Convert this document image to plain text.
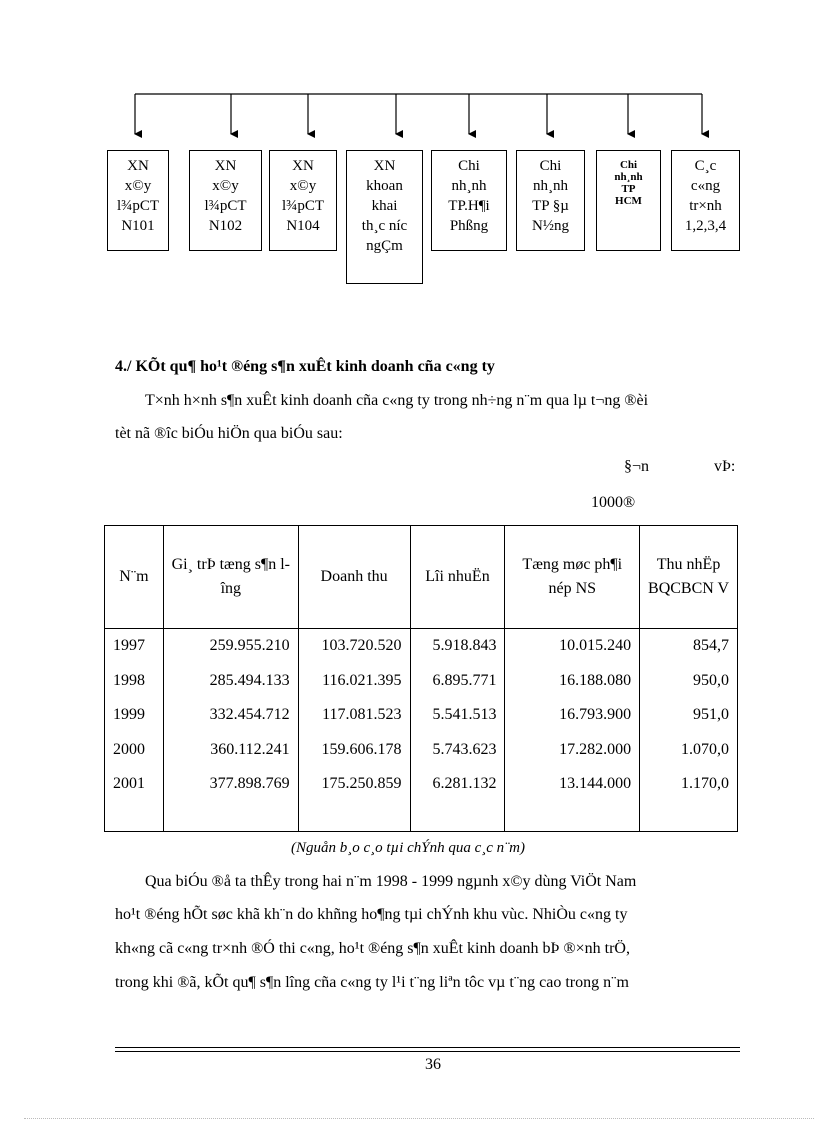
XN
x©y
l¾pCT
N101
XN
x©y
l¾pCT
N102
XN
x©y
l¾pCT
N104
XN
khoan
khai
th¸c níc
ngÇm
Chi
nh¸nh
TP.H¶i
Phßng
Chi
nh¸nh
TP §µ
N½ng
Chi
nh¸nh
TP
HCM
C¸c
c«ng
tr×nh
1,2,3,4
4./ KÕt qu¶ ho¹t ®éng s¶n xuÊt kinh doanh cña c«ng ty
T×nh h×nh s¶n xuÊt kinh doanh cña c«ng ty trong nh÷ng n¨m qua lµ t¬ng ®èi
tèt nã ®îc biÓu hiÖn qua biÓu sau:
§¬n	vÞ:
1000®
N¨m	Gi¸ trÞ tæng s¶n lîng	Doanh thu	Lîi nhuËn	Tæng møc ph¶i nép NS	Thu nhËp BQCBCN V
1997	259.955.210	103.720.520	5.918.843	10.015.240	854,7
1998	285.494.133	116.021.395	6.895.771	16.188.080	950,0
1999	332.454.712	117.081.523	5.541.513	16.793.900	951,0
2000	360.112.241	159.606.178	5.743.623	17.282.000	1.070,0
2001	377.898.769	175.250.859	6.281.132	13.144.000	1.170,0
(Nguån b¸o c¸o tµi chÝnh qua c¸c n¨m)
Qua biÓu ®å ta thÊy trong hai n¨m 1998 - 1999 ngµnh x©y dùng ViÖt Nam
ho¹t ®éng hÕt søc khã kh¨n do khñng ho¶ng tµi chÝnh khu vùc. NhiÒu c«ng ty
kh«ng cã c«ng tr×nh ®Ó thi c«ng, ho¹t ®éng s¶n xuÊt kinh doanh bÞ ®×nh trÖ,
trong khi ®ã, kÕt qu¶ s¶n lîng cña c«ng ty l¹i t¨ng liªn tôc vµ t¨ng cao trong n¨m
36
